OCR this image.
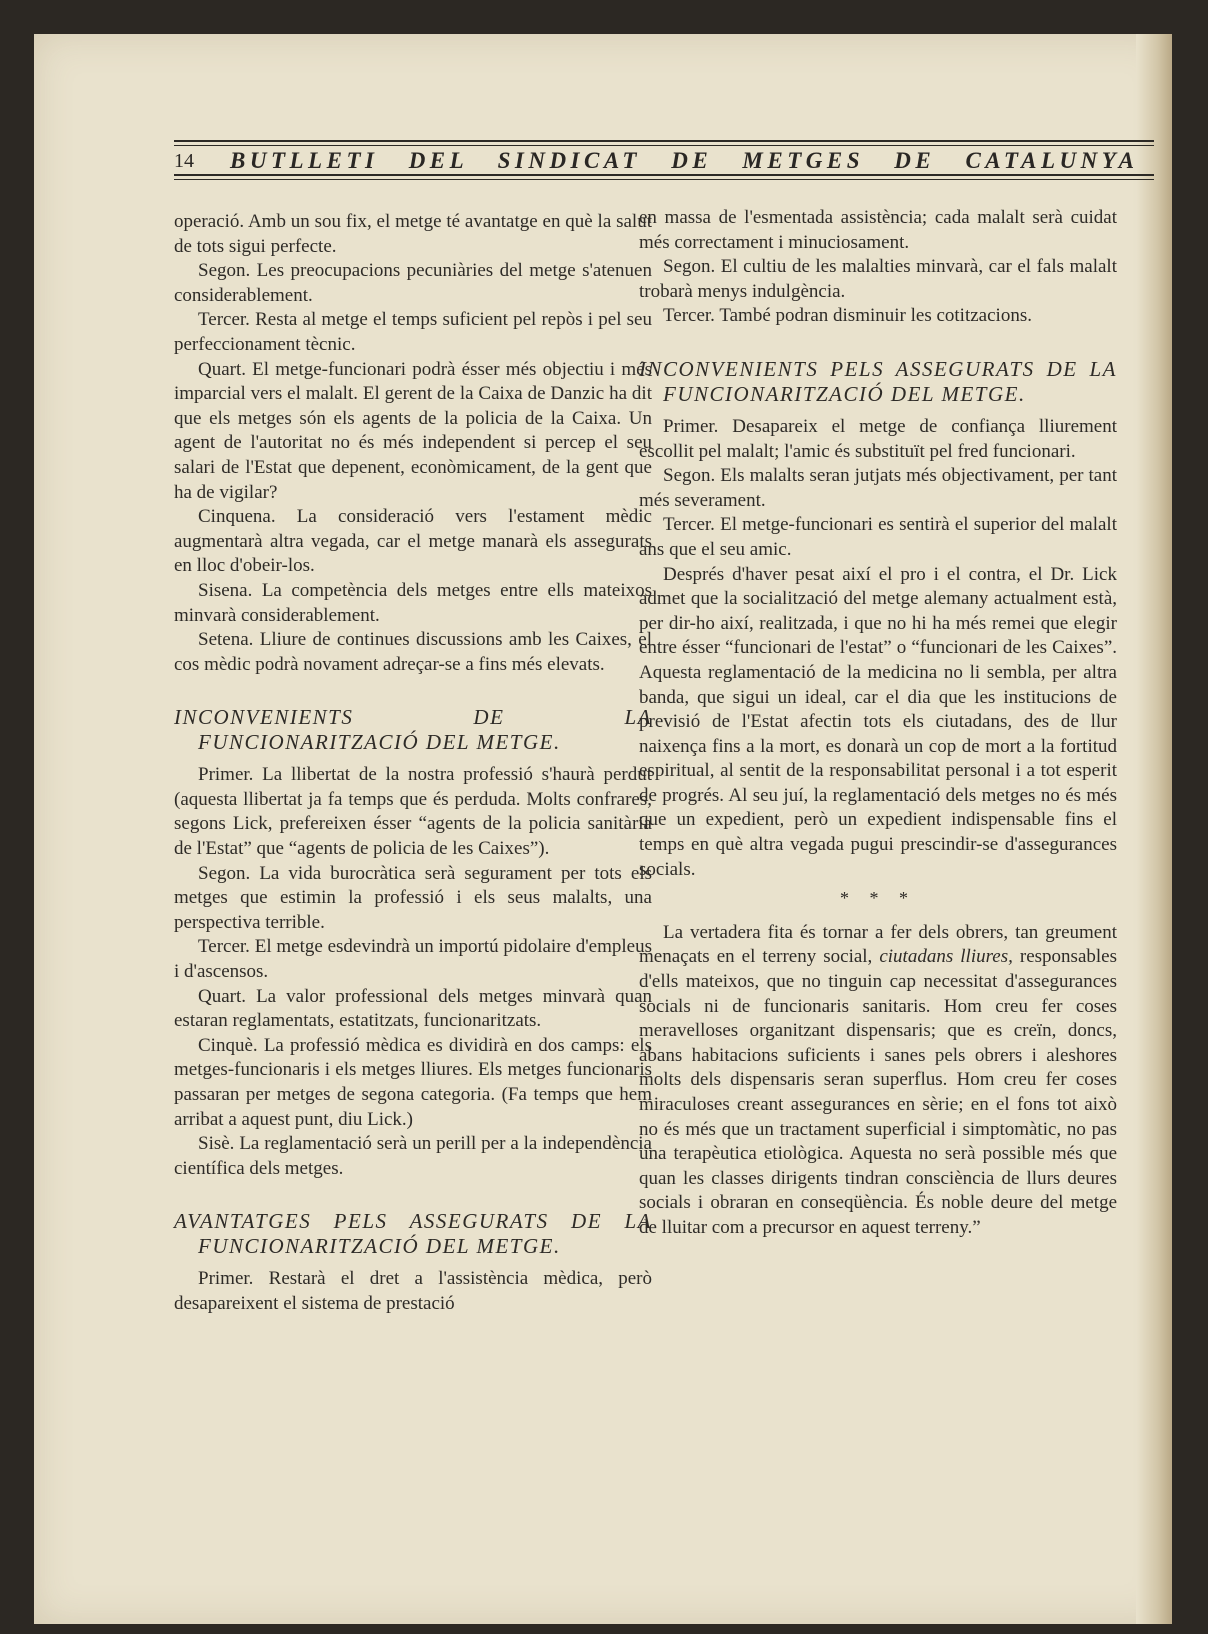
14 BUTLLETI DEL SINDICAT DE METGES DE CATALUNYA

operació. Amb un sou fix, el metge té avantatge en què la salut de tots sigui perfecte.

Segon. Les preocupacions pecuniàries del metge s'atenuen considerablement.

Tercer. Resta al metge el temps suficient pel repòs i pel seu perfeccionament tècnic.

Quart. El metge-funcionari podrà ésser més objectiu i més imparcial vers el malalt. El gerent de la Caixa de Danzic ha dit que els metges són els agents de la policia de la Caixa. Un agent de l'autoritat no és més independent si percep el seu salari de l'Estat que depenent, econòmicament, de la gent que ha de vigilar?

Cinquena. La consideració vers l'estament mèdic augmentarà altra vegada, car el metge manarà els assegurats en lloc d'obeir-los.

Sisena. La competència dels metges entre ells mateixos minvarà considerablement.

Setena. Lliure de continues discussions amb les Caixes, el cos mèdic podrà novament adreçar-se a fins més elevats.

INCONVENIENTS DE LA FUNCIONARITZACIÓ DEL METGE.

Primer. La llibertat de la nostra professió s'haurà perdut (aquesta llibertat ja fa temps que és perduda. Molts confrares, segons Lick, prefereixen ésser “agents de la policia sanitària de l'Estat” que “agents de policia de les Caixes”).

Segon. La vida burocràtica serà segurament per tots els metges que estimin la professió i els seus malalts, una perspectiva terrible.

Tercer. El metge esdevindrà un importú pidolaire d'empleus i d'ascensos.

Quart. La valor professional dels metges minvarà quan estaran reglamentats, estatitzats, funcionaritzats.

Cinquè. La professió mèdica es dividirà en dos camps: els metges-funcionaris i els metges lliures. Els metges funcionaris passaran per metges de segona categoria. (Fa temps que hem arribat a aquest punt, diu Lick.)

Sisè. La reglamentació serà un perill per a la independència científica dels metges.

AVANTATGES PELS ASSEGURATS DE LA FUNCIONARITZACIÓ DEL METGE.

Primer. Restarà el dret a l'assistència mèdica, però desapareixent el sistema de prestació

en massa de l'esmentada assistència; cada malalt serà cuidat més correctament i minuciosament.

Segon. El cultiu de les malalties minvarà, car el fals malalt trobarà menys indulgència.

Tercer. També podran disminuir les cotitzacions.

INCONVENIENTS PELS ASSEGURATS DE LA FUNCIONARITZACIÓ DEL METGE.

Primer. Desapareix el metge de confiança lliurement escollit pel malalt; l'amic és substituït pel fred funcionari.

Segon. Els malalts seran jutjats més objectivament, per tant més severament.

Tercer. El metge-funcionari es sentirà el superior del malalt ans que el seu amic.

Després d'haver pesat així el pro i el contra, el Dr. Lick admet que la socialització del metge alemany actualment està, per dir-ho així, realitzada, i que no hi ha més remei que elegir entre ésser “funcionari de l'estat” o “funcionari de les Caixes”. Aquesta reglamentació de la medicina no li sembla, per altra banda, que sigui un ideal, car el dia que les institucions de previsió de l'Estat afectin tots els ciutadans, des de llur naixença fins a la mort, es donarà un cop de mort a la fortitud espiritual, al sentit de la responsabilitat personal i a tot esperit de progrés. Al seu juí, la reglamentació dels metges no és més que un expedient, però un expedient indispensable fins el temps en què altra vegada pugui prescindir-se d'assegurances socials.

* * *

La vertadera fita és tornar a fer dels obrers, tan greument menaçats en el terreny social, ciutadans lliures, responsables d'ells mateixos, que no tinguin cap necessitat d'assegurances socials ni de funcionaris sanitaris. Hom creu fer coses meravelloses organitzant dispensaris; que es creïn, doncs, abans habitacions suficients i sanes pels obrers i aleshores molts dels dispensaris seran superflus. Hom creu fer coses miraculoses creant assegurances en sèrie; en el fons tot això no és més que un tractament superficial i simptomàtic, no pas una terapèutica etiològica. Aquesta no serà possible més que quan les classes dirigents tindran consciència de llurs deures socials i obraran en conseqüència. És noble deure del metge de lluitar com a precursor en aquest terreny.”
